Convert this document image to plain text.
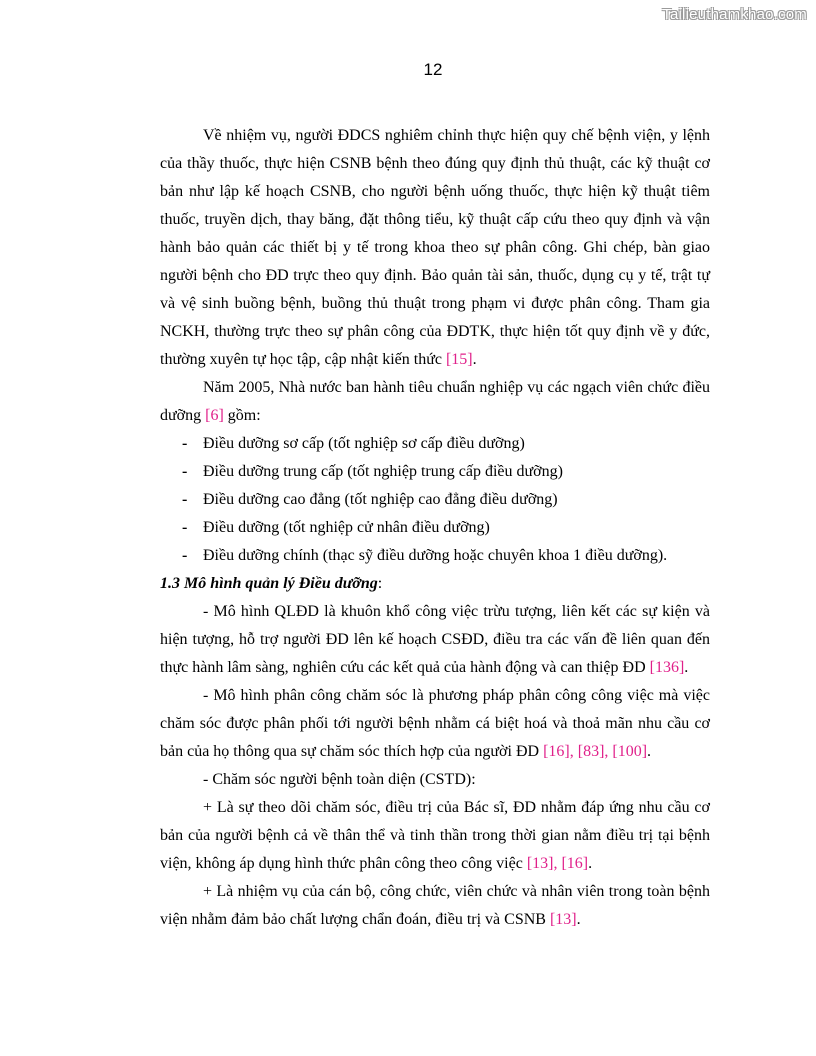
Tailieuthamkhao.com
12

Về nhiệm vụ, người ĐDCS nghiêm chỉnh thực hiện quy chế bệnh viện, y lệnh của thầy thuốc, thực hiện CSNB bệnh theo đúng quy định thủ thuật, các kỹ thuật cơ bản như lập kế hoạch CSNB, cho người bệnh uống thuốc, thực hiện kỹ thuật tiêm thuốc, truyền dịch, thay băng, đặt thông tiểu, kỹ thuật cấp cứu theo quy định và vận hành bảo quản các thiết bị y tế trong khoa theo sự phân công. Ghi chép, bàn giao người bệnh cho ĐD trực theo quy định. Bảo quản tài sản, thuốc, dụng cụ y tế, trật tự và vệ sinh buồng bệnh, buồng thủ thuật trong phạm vi được phân công. Tham gia NCKH, thường trực theo sự phân công của ĐDTK, thực hiện tốt quy định về y đức, thường xuyên tự học tập, cập nhật kiến thức [15].

Năm 2005, Nhà nước ban hành tiêu chuẩn nghiệp vụ các ngạch viên chức điều dưỡng [6] gồm:

- Điều dưỡng sơ cấp (tốt nghiệp sơ cấp điều dưỡng)
- Điều dưỡng trung cấp (tốt nghiệp trung cấp điều dưỡng)
- Điều dưỡng cao đẳng (tốt nghiệp cao đẳng điều dưỡng)
- Điều dưỡng (tốt nghiệp cử nhân điều dưỡng)
- Điều dưỡng chính (thạc sỹ điều dưỡng hoặc chuyên khoa 1 điều dưỡng).
1.3 Mô hình quản lý Điều dưỡng:

- Mô hình QLĐD là khuôn khổ công việc trừu tượng, liên kết các sự kiện và hiện tượng, hỗ trợ người ĐD lên kế hoạch CSĐD, điều tra các vấn đề liên quan đến thực hành lâm sàng, nghiên cứu các kết quả của hành động và can thiệp ĐD [136].

- Mô hình phân công chăm sóc là phương pháp phân công công việc mà việc chăm sóc được phân phối tới người bệnh nhằm cá biệt hoá và thoả mãn nhu cầu cơ bản của họ thông qua sự chăm sóc thích hợp của người ĐD [16], [83], [100].

- Chăm sóc người bệnh toàn diện (CSTD):

+ Là sự theo dõi chăm sóc, điều trị của Bác sĩ, ĐD nhằm đáp ứng nhu cầu cơ bản của người bệnh cả về thân thể và tinh thần trong thời gian nằm điều trị tại bệnh viện, không áp dụng hình thức phân công theo công việc [13], [16].

+ Là nhiệm vụ của cán bộ, công chức, viên chức và nhân viên trong toàn bệnh viện nhằm đảm bảo chất lượng chẩn đoán, điều trị và CSNB [13].
